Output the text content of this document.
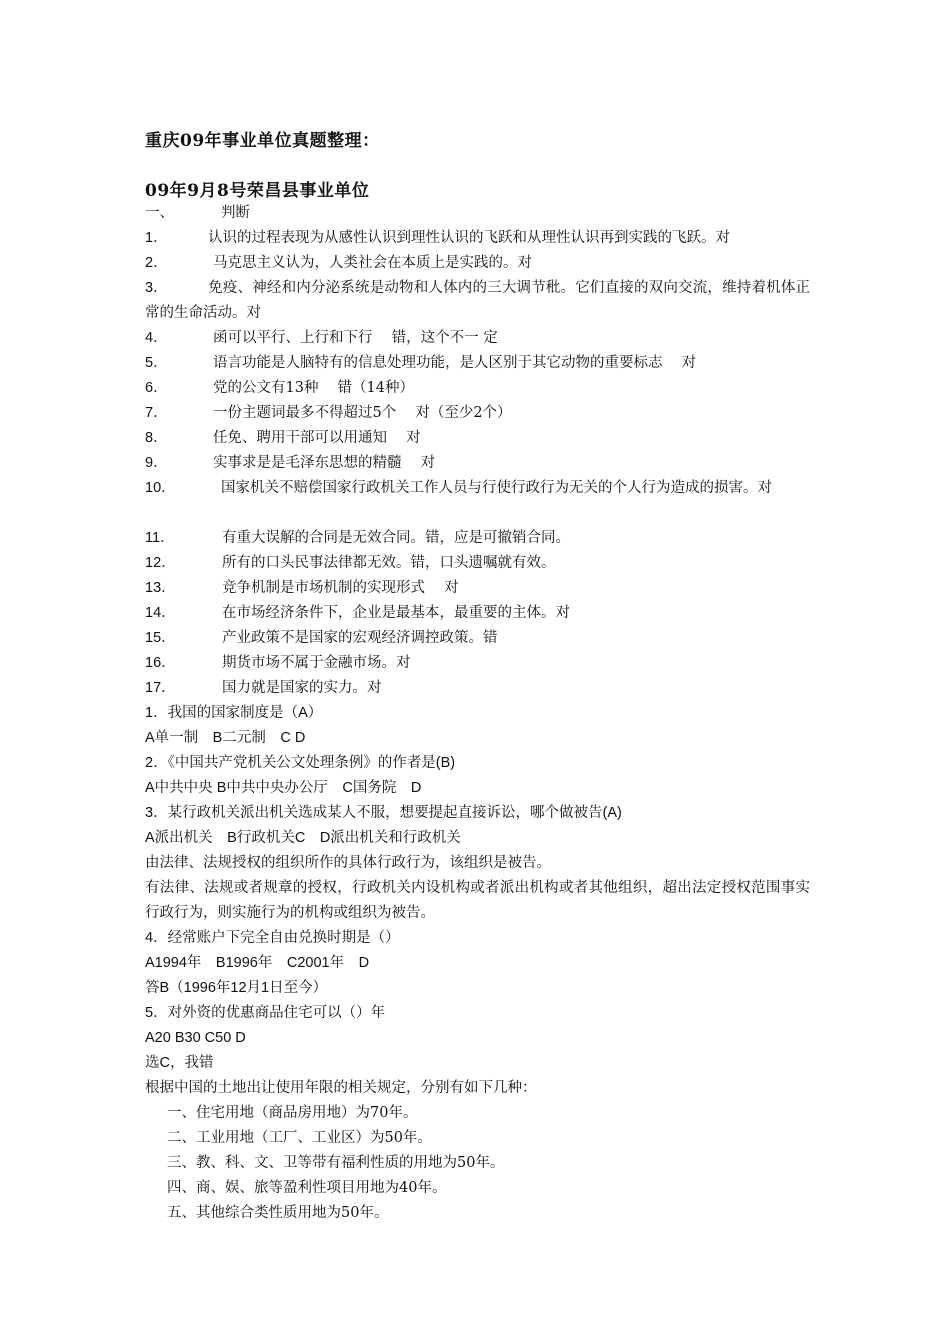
重庆09年事业单位真题整理：
09年9月8号荣昌县事业单位
一、	判断
1．	认识的过程表现为从感性认识到理性认识的飞跃和从理性认识再到实践的飞跃。对
2．	马克思主义认为，人类社会在本质上是实践的。对
3．	免疫、神经和内分泌系统是动物和人体内的三大调节秕。它们直接的双向交流，维持着机体正常的生命活动。对
4．	函可以平行、上行和下行　 错，这个不一 定
5．	语言功能是人脑特有的信息处理功能，是人区别于其它动物的重要标志　 对
6．	党的公文有13种　 错（14种）
7．	一份主题词最多不得超过5个　 对（至少2个）
8．	任免、聘用干部可以用通知　 对
9．	实事求是是毛泽东思想的精髓　 对
10．	国家机关不赔偿国家行政机关工作人员与行使行政行为无关的个人行为造成的损害。对
11．	有重大误解的合同是无效合同。错，应是可撤销合同。
12．	所有的口头民事法律都无效。错，口头遗嘱就有效。
13．	竞争机制是市场机制的实现形式　 对
14．	在市场经济条件下，企业是最基本，最重要的主体。对
15．	产业政策不是国家的宏观经济调控政策。错
16．	期货市场不属于金融市场。对
17．	国力就是国家的实力。对
1．我国的国家制度是（A）
A单一制　B二元制　C D
2．《中国共产党机关公文处理条例》的作者是(B)
A中共中央 B中共中央办公厅　C国务院　D
3．某行政机关派出机关选成某人不服，想要提起直接诉讼，哪个做被告(A)
A派出机关　B行政机关C　D派出机关和行政机关
由法律、法规授权的组织所作的具体行政行为，该组织是被告。
有法律、法规或者规章的授权，行政机关内设机构或者派出机构或者其他组织，超出法定授权范围事实行政行为，则实施行为的机构或组织为被告。
4．经常账户下完全自由兑换时期是（）
A1994年　B1996年　C2001年　D
答B（1996年12月1日至今）
5．对外资的优惠商品住宅可以（）年
A20 B30 C50 D
选C，我错
根据中国的土地出让使用年限的相关规定，分别有如下几种：
一、住宅用地（商品房用地）为70年。
二、工业用地（工厂、工业区）为50年。
三、教、科、文、卫等带有福利性质的用地为50年。
四、商、娱、旅等盈利性项目用地为40年。
五、其他综合类性质用地为50年。
